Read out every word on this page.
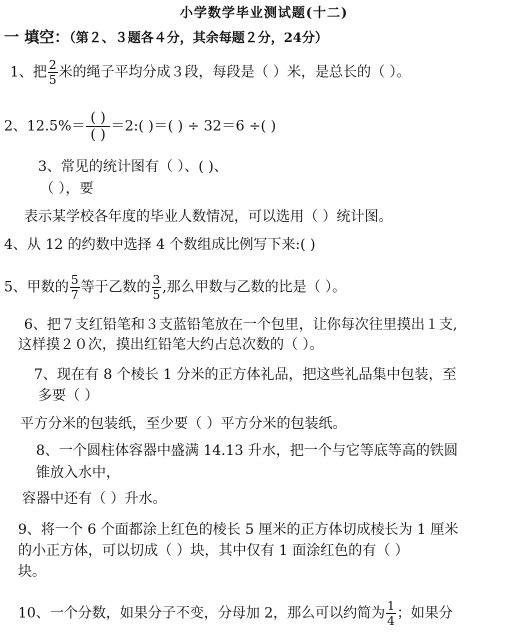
小学数学毕业测试题(十二)
一 填空：（第２、３题各４分，其余每题２分，24分）
1、把 $\frac{2}{5}$ 米的绳子平均分成３段，每段是（ ）米，是总长的（ ）。
2、$12.5\%= \frac{( )}{( )}$ ＝2:( )＝( ) ÷ 32＝6 ÷( )
3、常见的统计图有（ ）、( )、
（ ），要
表示某学校各年度的毕业人数情况，可以选用（ ）统计图。
4、从 12 的约数中选择 4 个数组成比例写下来:( )
5、甲数的 $\frac{5}{7}$ 等于乙数的 $\frac{3}{5}$ ,那么甲数与乙数的比是（ ）。
6、把７支红铅笔和３支蓝铅笔放在一个包里，让你每次往里摸出１支,
这样摸２０次，摸出红铅笔大约占总次数的（ ）。
7、现在有 8 个棱长 1 分米的正方体礼品，把这些礼品集中包装，至
多要（ ）
平方分米的包装纸，至少要（ ）平方分米的包装纸。
8、一个圆柱体容器中盛满 14.13 升水，把一个与它等底等高的铁圆
锥放入水中，
容器中还有（ ）升水。
9、将一个 6 个面都涂上红色的棱长 5 厘米的正方体切成棱长为 1 厘米
的小正方体，可以切成（ ）块，其中仅有 1 面涂红色的有（ ）
块。
10、一个分数，如果分子不变，分母加 2，那么可以约简为 $\frac{1}{4}$ ；如果分
